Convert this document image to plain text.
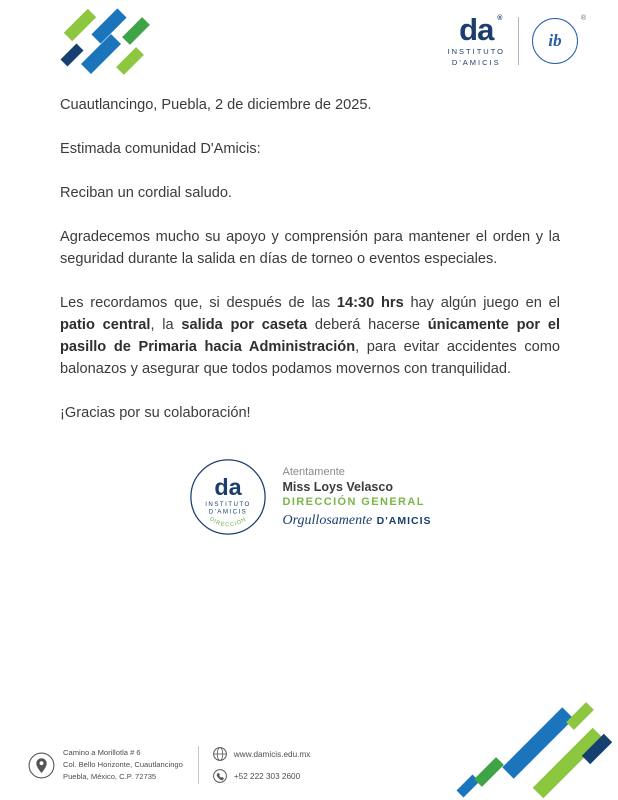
da ®
INSTITUTO
D'AMICIS
ib
®

Cuautlancingo, Puebla, 2 de diciembre de 2025.

Estimada comunidad D'Amicis:

Reciban un cordial saludo.

Agradecemos mucho su apoyo y comprensión para mantener el orden y la seguridad durante la salida en días de torneo o eventos especiales.

Les recordamos que, si después de las 14:30 hrs hay algún juego en el patio central, la salida por caseta deberá hacerse únicamente por el pasillo de Primaria hacia Administración, para evitar accidentes como balonazos y asegurar que todos podamos movernos con tranquilidad.

¡Gracias por su colaboración!

da
INSTITUTO
D'AMICIS
DIRECCIÓN
Atentamente
Miss Loys Velasco
DIRECCIÓN GENERAL
Orgullosamente D'AMICIS
Camino a Morillotla # 6
Col. Bello Horizonte, Cuautlancingo
Puebla, México, C.P. 72735
www.damicis.edu.mx
+52 222 303 2600
